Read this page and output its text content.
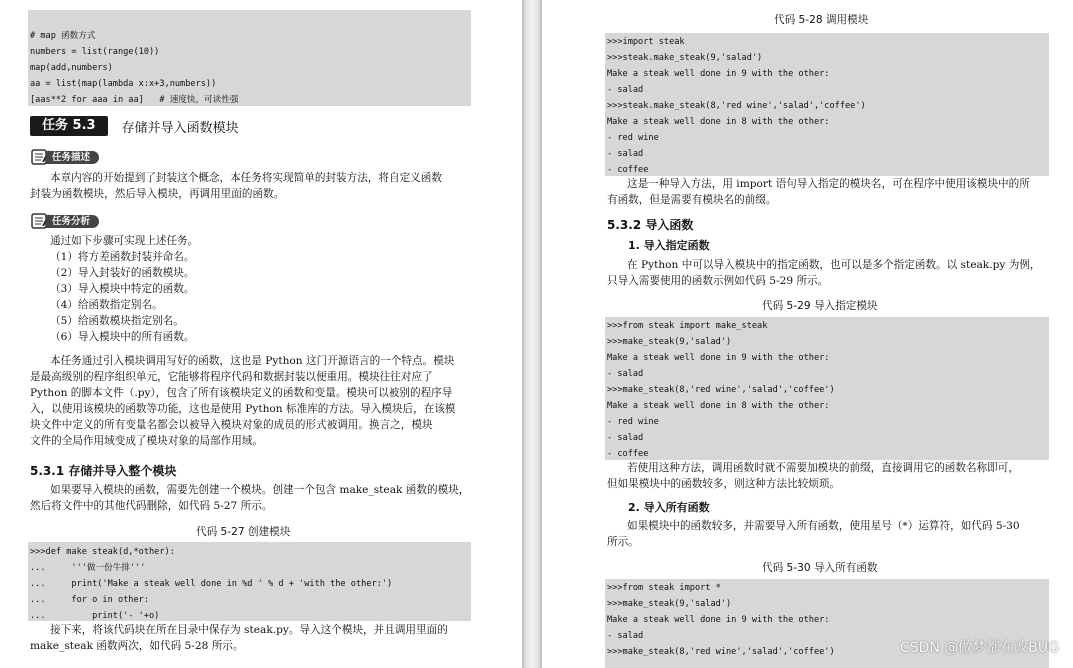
# map 函数方式
numbers = list(range(10))
map(add,numbers)
aa = list(map(lambda x:x+3,numbers))
[aas**2 for aaa in aa]   # 速度快，可读性强
任务 5.3	存储并导入函数模块
任务描述
本章内容的开始提到了封装这个概念，本任务将实现简单的封装方法，将自定义函数
封装为函数模块，然后导入模块，再调用里面的函数。
任务分析
通过如下步骤可实现上述任务。
（1）将方差函数封装并命名。
（2）导入封装好的函数模块。
（3）导入模块中特定的函数。
（4）给函数指定别名。
（5）给函数模块指定别名。
（6）导入模块中的所有函数。
本任务通过引入模块调用写好的函数，这也是 Python 这门开源语言的一个特点。模块
是最高级别的程序组织单元，它能够将程序代码和数据封装以便重用。模块往往对应了
Python 的脚本文件（.py），包含了所有该模块定义的函数和变量。模块可以被别的程序导
入，以使用该模块的函数等功能，这也是使用 Python 标准库的方法。导入模块后，在该模
块文件中定义的所有变量名都会以被导入模块对象的成员的形式被调用。换言之，模块
文件的全局作用域变成了模块对象的局部作用域。
5.3.1 存储并导入整个模块
如果要导入模块的函数，需要先创建一个模块。创建一个包含 make_steak 函数的模块，
然后将文件中的其他代码删除，如代码 5-27 所示。
代码 5-27 创建模块
>>>def make steak(d,*other):
...     '''做一份牛排'''
...     print('Make a steak well done in %d ' % d + 'with the other:')
...     for o in other:
...         print('- '+o)
接下来，将该代码块在所在目录中保存为 steak.py。导入这个模块，并且调用里面的
make_steak 函数两次，如代码 5-28 所示。
代码 5-28 调用模块
>>>import steak
>>>steak.make_steak(9,'salad')
Make a steak well done in 9 with the other:
- salad
>>>steak.make_steak(8,'red wine','salad','coffee')
Make a steak well done in 8 with the other:
- red wine
- salad
- coffee
这是一种导入方法，用 import 语句导入指定的模块名，可在程序中使用该模块中的所
有函数，但是需要有模块名的前缀。
5.3.2 导入函数
1. 导入指定函数
在 Python 中可以导入模块中的指定函数，也可以是多个指定函数。以 steak.py 为例，
只导入需要使用的函数示例如代码 5-29 所示。
代码 5-29 导入指定模块
>>>from steak import make_steak
>>>make_steak(9,'salad')
Make a steak well done in 9 with the other:
- salad
>>>make_steak(8,'red wine','salad','coffee')
Make a steak well done in 8 with the other:
- red wine
- salad
- coffee
若使用这种方法，调用函数时就不需要加模块的前缀，直接调用它的函数名称即可，
但如果模块中的函数较多，则这种方法比较烦琐。
2. 导入所有函数
如果模块中的函数较多，并需要导入所有函数，使用星号（*）运算符，如代码 5-30
所示。
代码 5-30 导入所有函数
>>>from steak import *
>>>make_steak(9,'salad')
Make a steak well done in 9 with the other:
- salad
>>>make_steak(8,'red wine','salad','coffee')	CSDN @做梦都在改BUG
